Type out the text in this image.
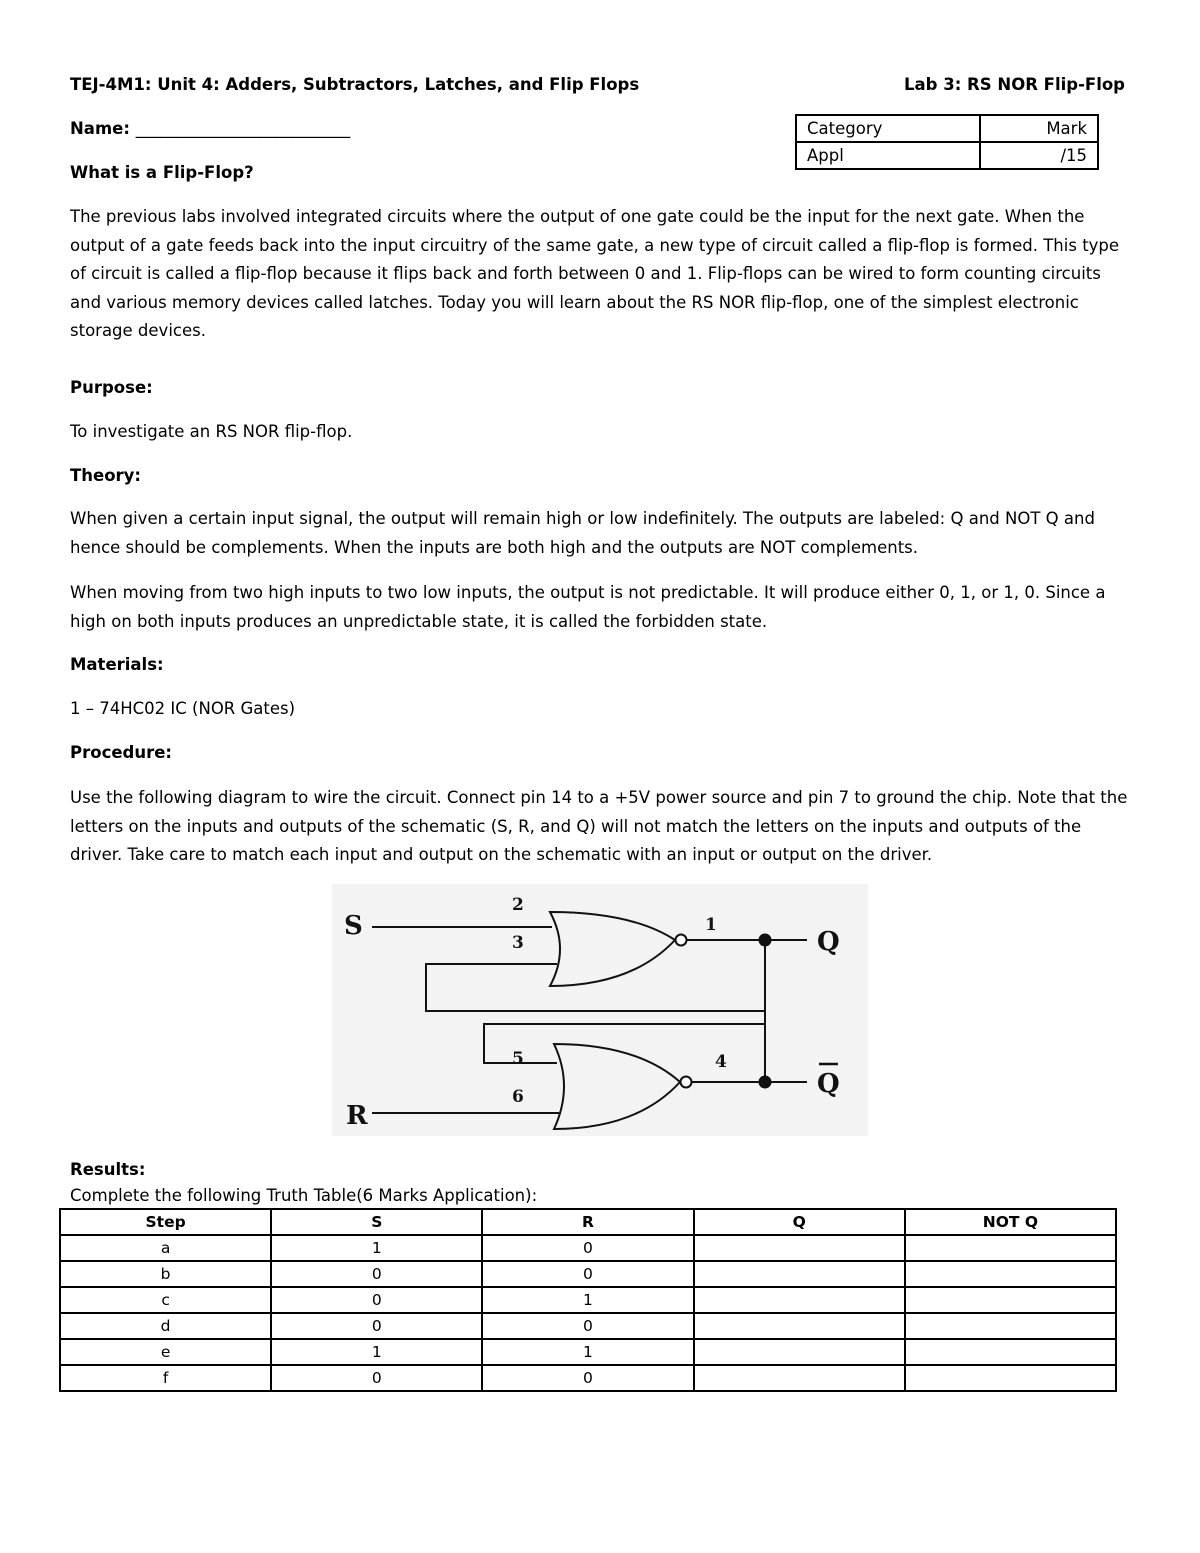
TEJ-4M1: Unit 4: Adders, Subtractors, Latches, and Flip Flops	Lab 3: RS NOR Flip-Flop
Name: __________________________	Category	Mark
Appl	/15
What is a Flip-Flop?
The previous labs involved integrated circuits where the output of one gate could be the input for the next gate. When the output of a gate feeds back into the input circuitry of the same gate, a new type of circuit called a flip-flop is formed. This type of circuit is called a flip-flop because it flips back and forth between 0 and 1. Flip-flops can be wired to form counting circuits and various memory devices called latches. Today you will learn about the RS NOR flip-flop, one of the simplest electronic storage devices.
Purpose:
To investigate an RS NOR flip-flop.
Theory:
When given a certain input signal, the output will remain high or low indefinitely. The outputs are labeled: Q and NOT Q and hence should be complements. When the inputs are both high and the outputs are NOT complements.
When moving from two high inputs to two low inputs, the output is not predictable. It will produce either 0, 1, or 1, 0. Since a high on both inputs produces an unpredictable state, it is called the forbidden state.
Materials:
1 – 74HC02 IC (NOR Gates)
Procedure:
Use the following diagram to wire the circuit. Connect pin 14 to a +5V power source and pin 7 to ground the chip. Note that the letters on the inputs and outputs of the schematic (S, R, and Q) will not match the letters on the inputs and outputs of the driver. Take care to match each input and output on the schematic with an input or output on the driver.
S
R
Q
Q
2
3
1
5
6
4
Results:
Complete the following Truth Table(6 Marks Application):
Step	S	R	Q	NOT Q
a	1	0		
b	0	0		
c	0	1		
d	0	0		
e	1	1		
f	0	0		
